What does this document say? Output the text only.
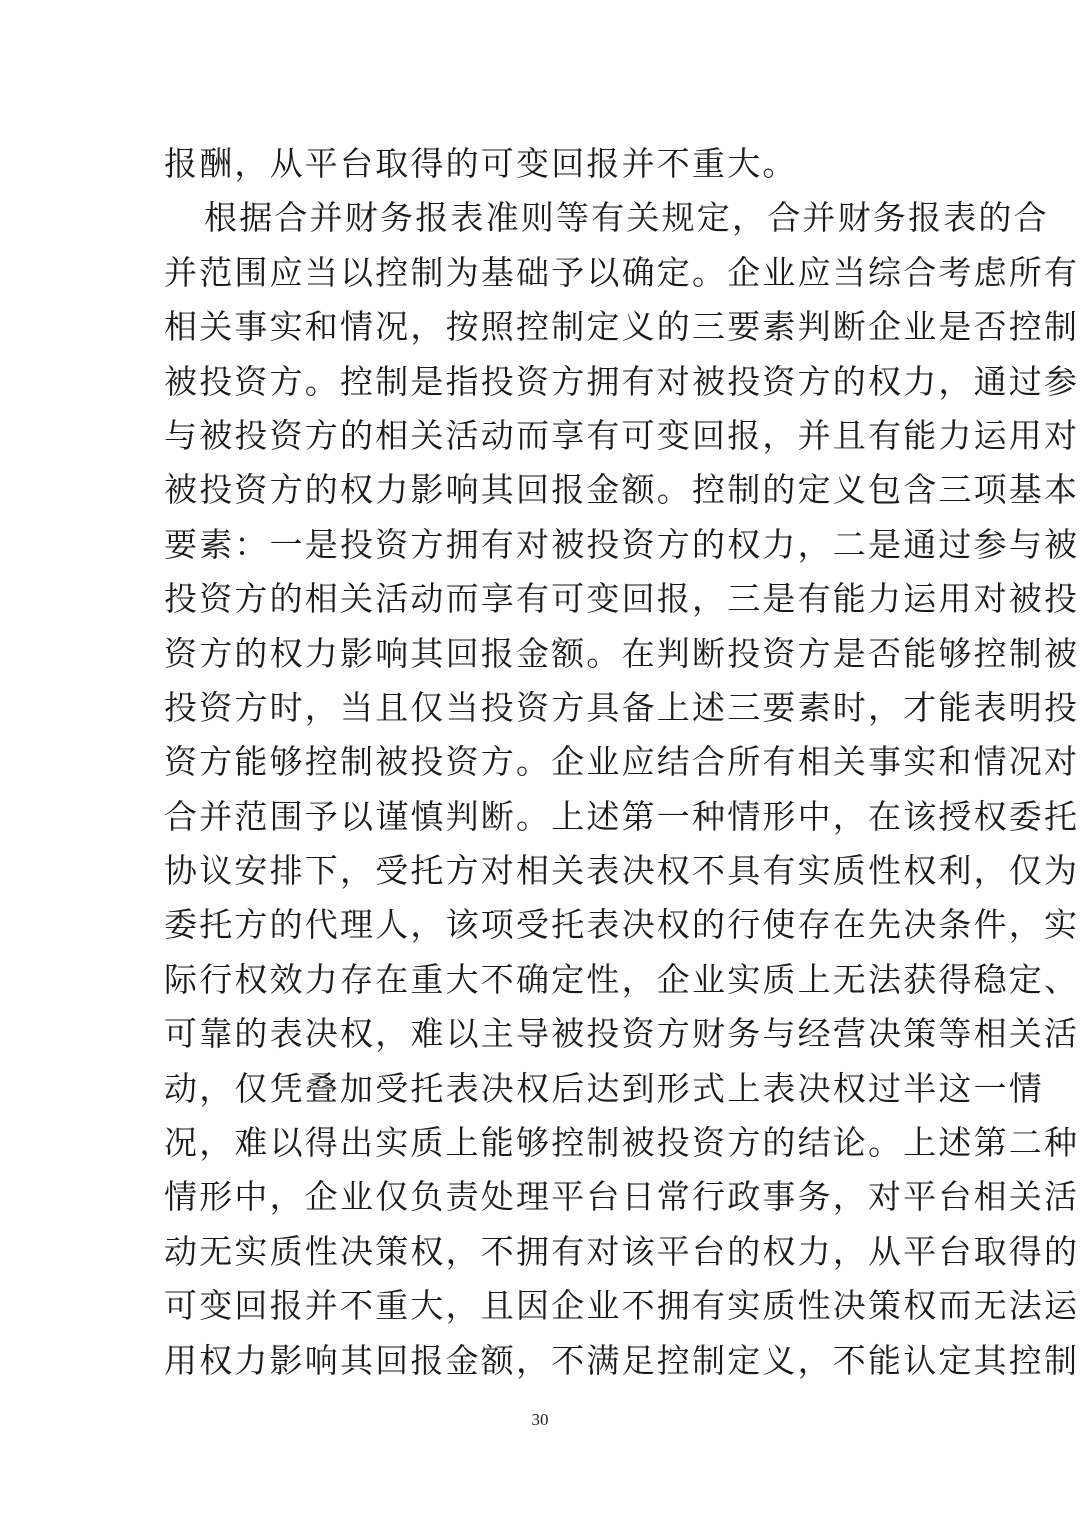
报酬，从平台取得的可变回报并不重大。
根据合并财务报表准则等有关规定，合并财务报表的合
并范围应当以控制为基础予以确定。企业应当综合考虑所有
相关事实和情况，按照控制定义的三要素判断企业是否控制
被投资方。控制是指投资方拥有对被投资方的权力，通过参
与被投资方的相关活动而享有可变回报，并且有能力运用对
被投资方的权力影响其回报金额。控制的定义包含三项基本
要素：一是投资方拥有对被投资方的权力，二是通过参与被
投资方的相关活动而享有可变回报，三是有能力运用对被投
资方的权力影响其回报金额。在判断投资方是否能够控制被
投资方时，当且仅当投资方具备上述三要素时，才能表明投
资方能够控制被投资方。企业应结合所有相关事实和情况对
合并范围予以谨慎判断。上述第一种情形中，在该授权委托
协议安排下，受托方对相关表决权不具有实质性权利，仅为
委托方的代理人，该项受托表决权的行使存在先决条件，实
际行权效力存在重大不确定性，企业实质上无法获得稳定、
可靠的表决权，难以主导被投资方财务与经营决策等相关活
动，仅凭叠加受托表决权后达到形式上表决权过半这一情
况，难以得出实质上能够控制被投资方的结论。上述第二种
情形中，企业仅负责处理平台日常行政事务，对平台相关活
动无实质性决策权，不拥有对该平台的权力，从平台取得的
可变回报并不重大，且因企业不拥有实质性决策权而无法运
用权力影响其回报金额，不满足控制定义，不能认定其控制
30
